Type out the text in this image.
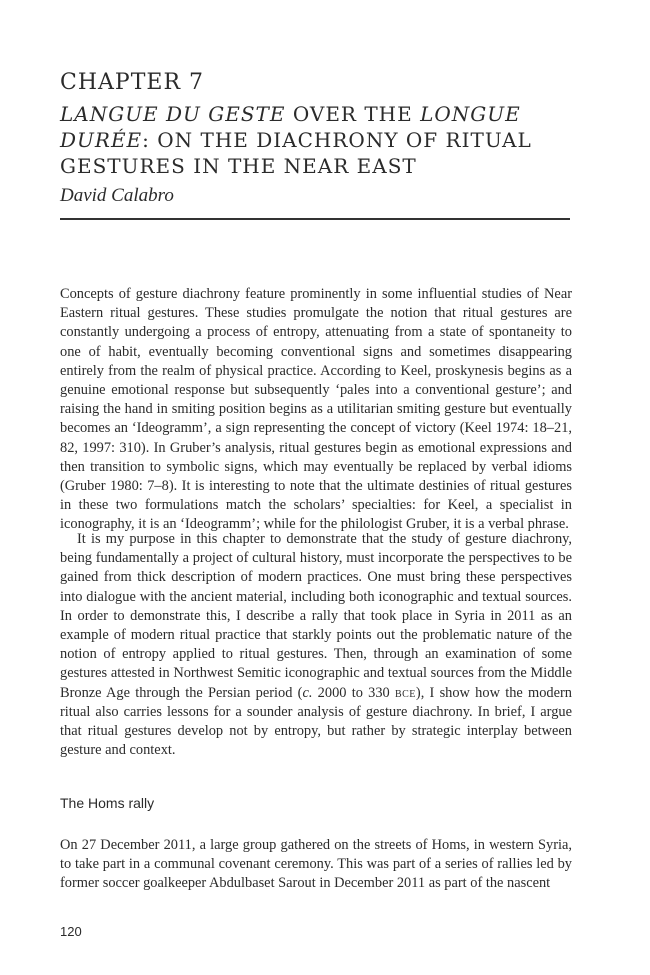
CHAPTER 7
LANGUE DU GESTE OVER THE LONGUE
DURÉE: ON THE DIACHRONY OF RITUAL
GESTURES IN THE NEAR EAST

David Calabro

Concepts of gesture diachrony feature prominently in some influential studies of Near Eastern ritual gestures. These studies promulgate the notion that ritual gestures are constantly undergoing a process of entropy, attenuating from a state of spontaneity to one of habit, eventually becoming conventional signs and sometimes disappearing entirely from the realm of physical practice. According to Keel, proskynesis begins as a genuine emotional response but subsequently ‘pales into a conventional gesture’; and raising the hand in smiting position begins as a utilitarian smiting gesture but eventually becomes an ‘Ideogramm’, a sign representing the concept of victory (Keel 1974: 18–21, 82, 1997: 310). In Gruber’s analysis, ritual gestures begin as emotional expressions and then transition to symbolic signs, which may eventually be replaced by verbal idioms (Gruber 1980: 7–8). It is interesting to note that the ultimate destinies of ritual gestures in these two formulations match the scholars’ specialties: for Keel, a specialist in iconography, it is an ‘Ideogramm’; while for the philologist Gruber, it is a verbal phrase.

It is my purpose in this chapter to demonstrate that the study of gesture diachrony, being fundamentally a project of cultural history, must incorporate the perspectives to be gained from thick description of modern practices. One must bring these perspectives into dialogue with the ancient material, including both iconographic and textual sources. In order to demonstrate this, I describe a rally that took place in Syria in 2011 as an example of modern ritual practice that starkly points out the problematic nature of the notion of entropy applied to ritual gestures. Then, through an examination of some gestures attested in Northwest Semitic iconographic and textual sources from the Middle Bronze Age through the Persian period (c. 2000 to 330 bce), I show how the modern ritual also carries lessons for a sounder analysis of gesture diachrony. In brief, I argue that ritual gestures develop not by entropy, but rather by strategic interplay between gesture and context.

The Homs rally

On 27 December 2011, a large group gathered on the streets of Homs, in western Syria, to take part in a communal covenant ceremony. This was part of a series of rallies led by former soccer goalkeeper Abdulbaset Sarout in December 2011 as part of the nascent

120
